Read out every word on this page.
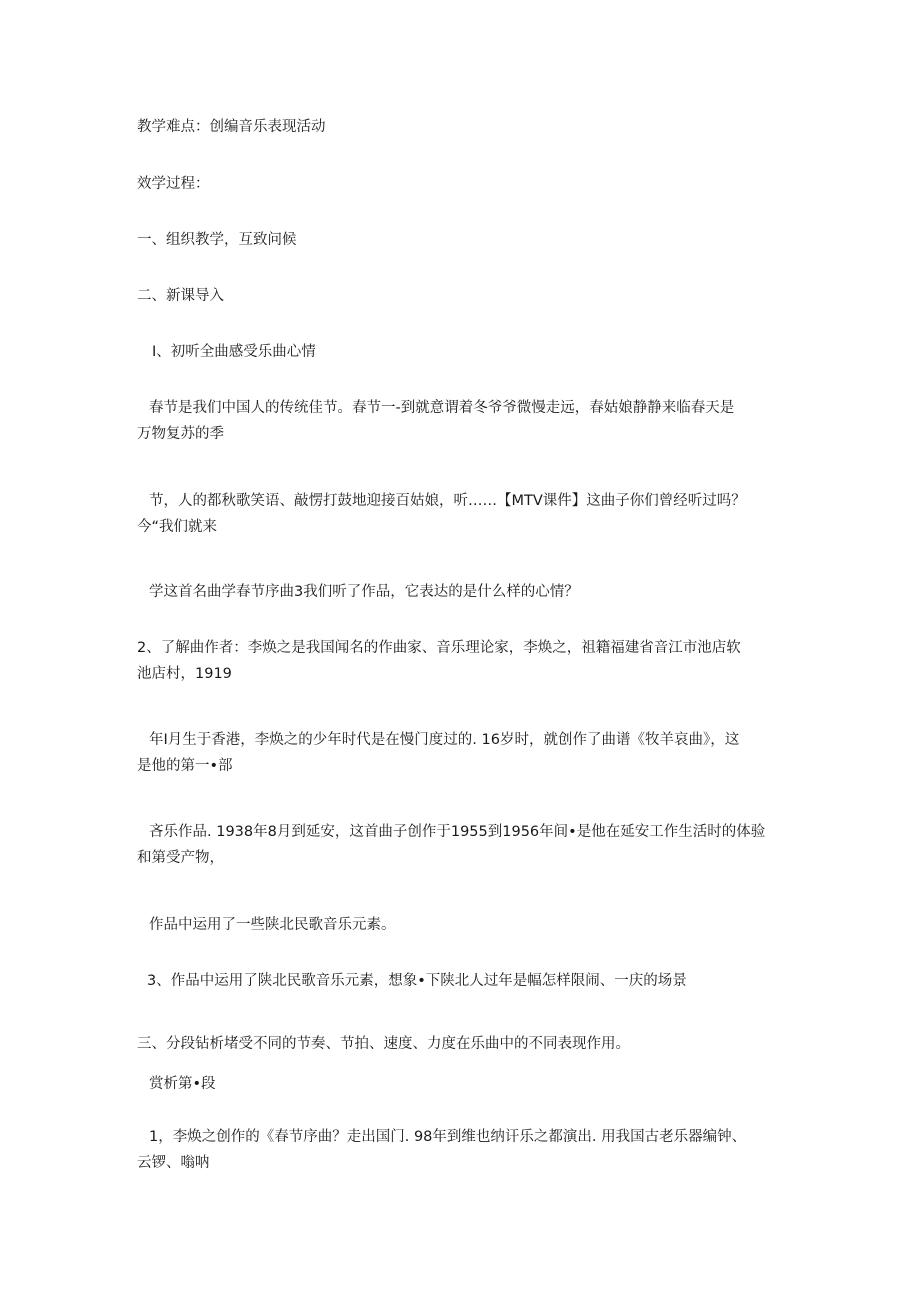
教学难点：创编音乐表现活动
效学过程：
一、组织教学，互致问候
二、新课导入
I、初听全曲感受乐曲心情
春节是我们中国人的传统佳节。春节一-到就意谓着冬爷爷微慢走远，春姑娘静静来临春天是
万物复苏的季
节，人的都秋歌笑语、敲愣打鼓地迎接百姑娘，听……【MTV课件】这曲子你们曾经听过吗？
今“我们就来
学这首名曲学春节序曲3我们听了作品，它表达的是什么样的心情？
2、了解曲作者：李焕之是我国闻名的作曲家、音乐理论家，李焕之，祖籍福建省音江市池店软
池店村，1919
年I月生于香港，李焕之的少年时代是在慢门度过的. 16岁时，就创作了曲谱《牧羊哀曲》，这
是他的第一•部
吝乐作品. 1938年8月到延安，这首曲子创作于1955到1956年间•是他在延安工作生活时的体验
和第受产物，
作品中运用了一些陕北民歌音乐元素。
3、作品中运用了陕北民歌音乐元素，想象•下陕北人过年是幅怎样限闹、一庆的场景
三、分段钻析堵受不同的节奏、节拍、速度、力度在乐曲中的不同表现作用。
赏析第•段
1，李焕之创作的《春节序曲？走出国门. 98年到维也纳讦乐之都演出. 用我国古老乐器编钟、
云锣、嗡呐
